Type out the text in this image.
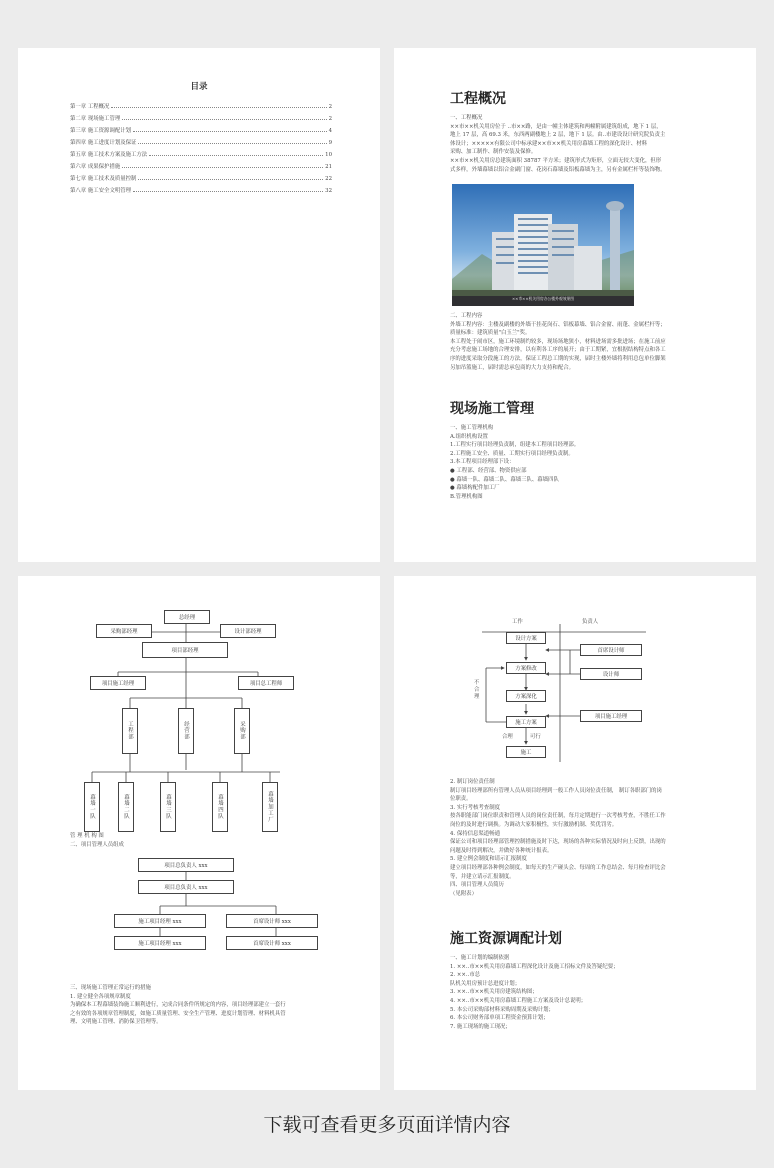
目录
第一章 工程概况	2
第二章 现场施工管理	2
第三章 施工资源调配计划	4
第四章 施工进度计划及保证	9
第五章 施工技术方案及施工方法	10
第六章 成果保护措施	21
第七章 施工技术及质量控制	22
第八章 施工安全文明管理	32
工程概况
一、工程概况
××市××机关用房位于 ..市××路，是由一幢主体建筑和两幢附属建筑组成，地下 1 层，
地上 17 层，高 69.3 米，东西两副楼地上 2 层，地下 1 层。由..市建设设计研究院负责主
体设计；×××××有限公司中标承建××市××机关用房幕墙工程的深化设计、材料
采购、加工制作、制作安装及保修。
××市××机关用房总建筑面积 38787 平方米；建筑形式为矩形，立面无较大变化，但形
式多样，外墙幕墙以铝合金副门窗、花岗石幕墙及铝板幕墙为主，另有金属栏杆等装饰物。
××市××机关用房办公楼外观效果图
二、工程内容
外墙工程内容：主楼及副楼的外墙干挂花岗石、铝板幕墙、铝合金窗、雨蓬、金属栏杆等；
质量标准：建筑质量"白玉兰"奖。
本工程处于闹市区，施工环境制约较多，现场场地狭小，材料进场需多批进场；在施工前应
充分考虑施工场地的合理安排，以有利各工序的展开；由于工期紧，宜根据结构特点和各工
序的进度采取分段施工的方法，保证工程总工期的实现，届时主楼外墙将利用总包单位脚架
另加吊篮施工，届时需总承包商的大力支持和配合。
现场施工管理
一、施工管理机构
A.组织机构设置
1.工程实行项目经理负责制，组建本工程项目经理部。
2.工程施工安全、质量、工期实行项目经理负责制。
3.本工程项目经理部下设：
● 工程部、经营部、物资供应部
● 幕墙一队、幕墙二队、幕墙三队、幕墙四队
● 幕墙构配件加工厂
B.管理机构图
总经理
采购部经理	设计部经理
项目部经理
项目施工经理	项目总工程师
工程部	经营部	采购部
幕墙一队	幕墙二队	幕墙三队	幕墙四队	幕墙加工厂
管 理 机 构 图
二、项目管理人员组成
项目总负责人 xxx
项目总负责人 xxx
施工项目经理 xxx	首席设计师 xxx
施工项目经理 xxx	首席设计师 xxx
三、现场施工管理正常运行的措施
1. 建立健全各项规章制度
为确保本工程幕墙装饰施工顺利进行，完成合同条件所规定的内容，项目经理部建立一套行
之有效的各项规章管理制度，如施工质量管理、安全生产管理、进度计划管理、材料机具管
理、文明施工管理、消防保卫管理等。
工作	负责人
设计方案
方案修改
方案深化
施工方案
施工
首席设计师
设计师
项目施工经理
不合理
合理	可行
2. 制订岗位责任制
制订项目经理部所有管理人员从项目经理到一般工作人员岗位责任制， 制订各职部门的岗
位职责。
3. 实行考核考查制度
按各职能部门岗位职责和管理人员的岗位责任制，每月定期进行一次考核考查，不胜任工作
岗位的及时进行调换。为调动大家积极性，实行激励机制、奖优罚劣。
4. 保持信息渠道畅通
保证公司和项目经理部管理控制措施及时下达，现场的各种实际情况及时向上反馈，出现的
问题及时得到解决，并做好各种统计报表。
5. 建立例会制度和请示汇报制度
建立项目经理部各种例会制度，如每天的生产碰头会、每周的工作总结会、每月检查评比会
等，并建立请示汇报制度。
四、项目管理人员简历
（见附表）
施工资源调配计划
一、施工计划的编制依据
1. ××..市××机关用房幕墙工程深化设计及施工招标文件及答疑纪要；
2. ××..市总
队机关用房预计总进度计划；
3. ××..市××机关用房建筑结构图；
4. ××..市××机关用房幕墙工程施工方案及设计总说明；
5. 本公司采购部材料采购周期及采购计划；
6. 本公司财务部单项工程资金预算计划；
7. 施工现场的施工现况；
下载可查看更多页面详情内容
